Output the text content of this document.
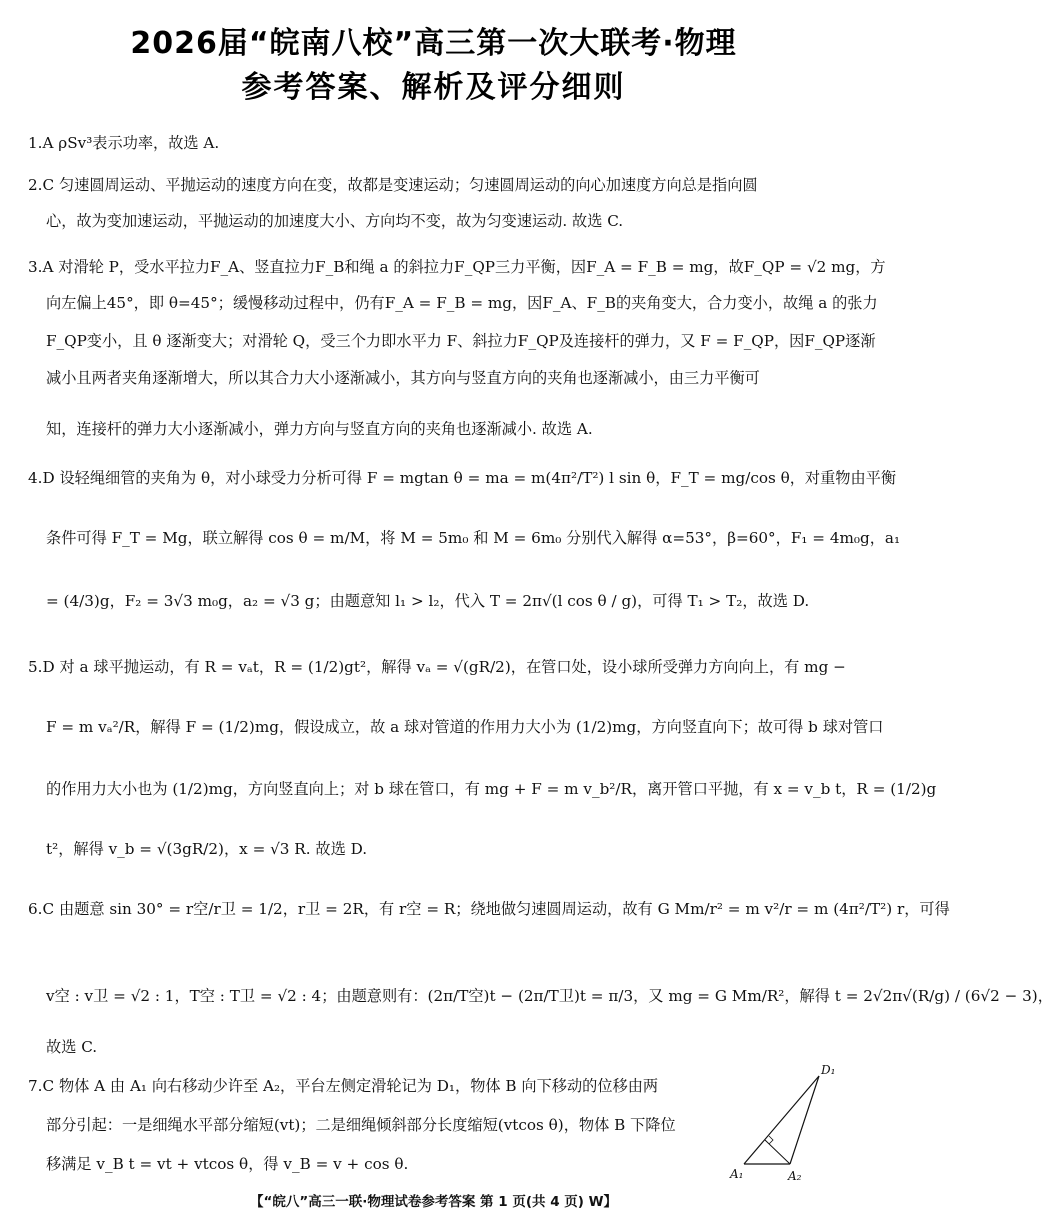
2026届“皖南八校”高三第一次大联考·物理
参考答案、解析及评分细则
1.A ρSv³表示功率，故选 A.
2.C 匀速圆周运动、平抛运动的速度方向在变，故都是变速运动；匀速圆周运动的向心加速度方向总是指向圆
心，故为变加速运动，平抛运动的加速度大小、方向均不变，故为匀变速运动. 故选 C.
3.A 对滑轮 P，受水平拉力F_A、竖直拉力F_B和绳 a 的斜拉力F_QP三力平衡，因F_A = F_B = mg，故F_QP = √2 mg，方
向左偏上45°，即 θ=45°；缓慢移动过程中，仍有F_A = F_B = mg，因F_A、F_B的夹角变大，合力变小，故绳 a 的张力
F_QP变小，且 θ 逐渐变大；对滑轮 Q，受三个力即水平力 F、斜拉力F_QP及连接杆的弹力，又 F = F_QP，因F_QP逐渐
减小且两者夹角逐渐增大，所以其合力大小逐渐减小，其方向与竖直方向的夹角也逐渐减小，由三力平衡可
知，连接杆的弹力大小逐渐减小，弹力方向与竖直方向的夹角也逐渐减小. 故选 A.
4.D 设轻绳细管的夹角为 θ，对小球受力分析可得 F = mgtan θ = ma = m(4π²/T²) l sin θ，F_T = mg/cos θ，对重物由平衡
条件可得 F_T = Mg，联立解得 cos θ = m/M，将 M = 5m₀ 和 M = 6m₀ 分别代入解得 α=53°，β=60°，F₁ = 4m₀g，a₁
= (4/3)g，F₂ = 3√3 m₀g，a₂ = √3 g；由题意知 l₁ > l₂，代入 T = 2π√(l cos θ / g)，可得 T₁ > T₂，故选 D.
5.D 对 a 球平抛运动，有 R = vₐt，R = (1/2)gt²，解得 vₐ = √(gR/2)，在管口处，设小球所受弹力方向向上，有 mg −
F = m vₐ²/R，解得 F = (1/2)mg，假设成立，故 a 球对管道的作用力大小为 (1/2)mg，方向竖直向下；故可得 b 球对管口
的作用力大小也为 (1/2)mg，方向竖直向上；对 b 球在管口，有 mg + F = m v_b²/R，离开管口平抛，有 x = v_b t，R = (1/2)g
t²，解得 v_b = √(3gR/2)，x = √3 R. 故选 D.
6.C 由题意 sin 30° = r空/r卫 = 1/2，r卫 = 2R，有 r空 = R；绕地做匀速圆周运动，故有 G Mm/r² = m v²/r = m (4π²/T²) r，可得
v空 : v卫 = √2 : 1，T空 : T卫 = √2 : 4；由题意则有：(2π/T空)t − (2π/T卫)t = π/3，又 mg = G Mm/R²，解得 t = 2√2π√(R/g) / (6√2 − 3)，
故选 C.
7.C 物体 A 由 A₁ 向右移动少许至 A₂，平台左侧定滑轮记为 D₁，物体 B 向下移动的位移由两
部分引起：一是细绳水平部分缩短(vt)；二是细绳倾斜部分长度缩短(vtcos θ)，物体 B 下降位
移满足 v_B t = vt + vtcos θ，得 v_B = v + cos θ.
D₁
A₁	A₂
【“皖八”高三一联·物理试卷参考答案 第 1 页(共 4 页) W】
